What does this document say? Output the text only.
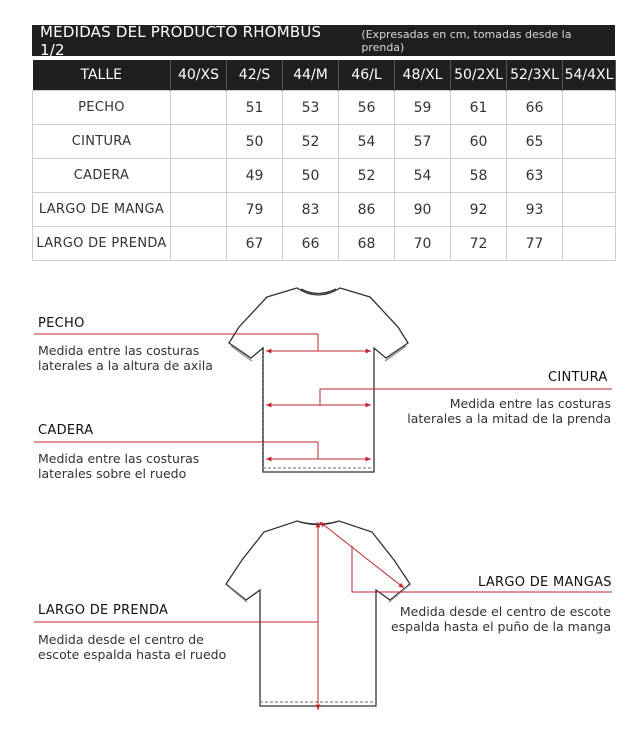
MEDIDAS DEL PRODUCTO RHOMBUS 1/2
(Expresadas en cm, tomadas desde la prenda)
TALLE	40/XS	42/S	44/M	46/L	48/XL	50/2XL	52/3XL	54/4XL
PECHO		51	53	56	59	61	66	
CINTURA		50	52	54	57	60	65	
CADERA		49	50	52	54	58	63	
LARGO DE MANGA		79	83	86	90	92	93	
LARGO DE PRENDA		67	66	68	70	72	77	
PECHO
Medida entre las costuras
laterales a la altura de axila
CINTURA
Medida entre las costuras
laterales a la mitad de la prenda
CADERA
Medida entre las costuras
laterales sobre el ruedo
LARGO DE PRENDA
Medida desde el centro de
escote espalda hasta el ruedo
LARGO DE MANGAS
Medida desde el centro de escote
espalda hasta el puño de la manga
